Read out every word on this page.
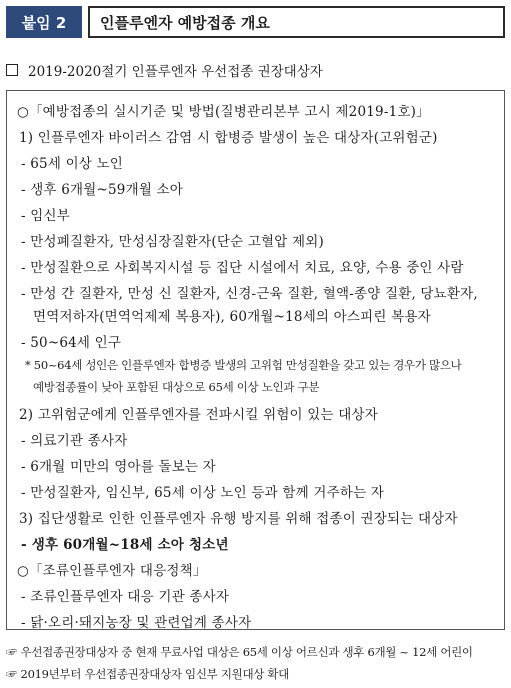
붙임 2	인플루엔자 예방접종 개요
2019-2020절기 인플루엔자 우선접종 권장대상자
○「예방접종의 실시기준 및 방법(질병관리본부 고시 제2019-1호)」
1) 인플루엔자 바이러스 감염 시 합병증 발생이 높은 대상자(고위험군)
- 65세 이상 노인
- 생후 6개월~59개월 소아
- 임신부
- 만성폐질환자, 만성심장질환자(단순 고혈압 제외)
- 만성질환으로 사회복지시설 등 집단 시설에서 치료, 요양, 수용 중인 사람
- 만성 간 질환자, 만성 신 질환자, 신경-근육 질환, 혈액-종양 질환, 당뇨환자,
면역저하자(면역억제제 복용자), 60개월~18세의 아스피린 복용자
- 50~64세 인구
* 50~64세 성인은 인플루엔자 합병증 발생의 고위험 만성질환을 갖고 있는 경우가 많으나
예방접종률이 낮아 포함된 대상으로 65세 이상 노인과 구분
2) 고위험군에게 인플루엔자를 전파시킬 위험이 있는 대상자
- 의료기관 종사자
- 6개월 미만의 영아를 돌보는 자
- 만성질환자, 임신부, 65세 이상 노인 등과 함께 거주하는 자
3) 집단생활로 인한 인플루엔자 유행 방지를 위해 접종이 권장되는 대상자
- 생후 60개월~18세 소아 청소년
○「조류인플루엔자 대응정책」
- 조류인플루엔자 대응 기관 종사자
- 닭·오리·돼지농장 및 관련업계 종사자
☞ 우선접종권장대상자 중 현재 무료사업 대상은 65세 이상 어르신과 생후 6개월 ~ 12세 어린이
☞ 2019년부터 우선접종권장대상자 임신부 지원대상 확대
